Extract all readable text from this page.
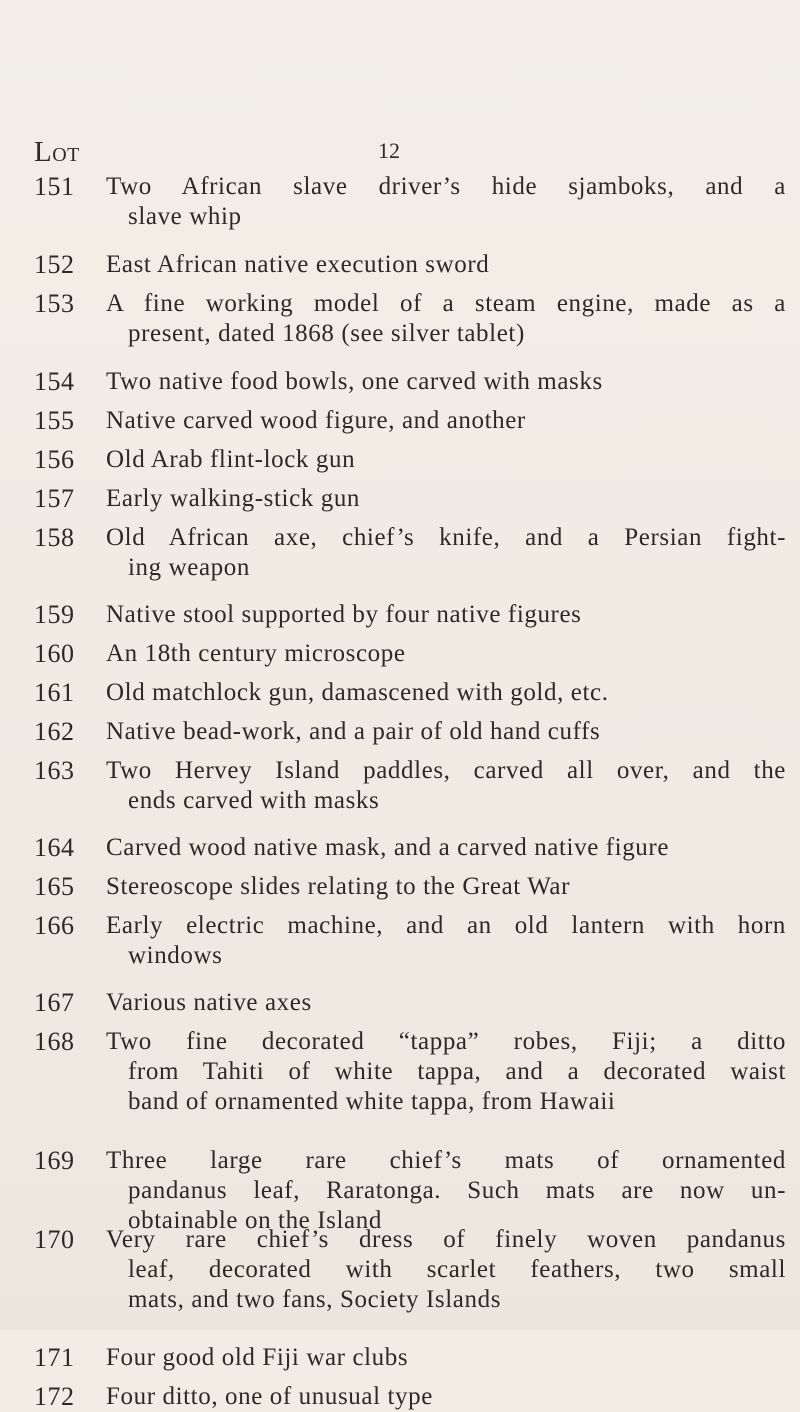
Lot	12
151	Two African slave driver’s hide sjamboks, and a
slave whip
152	East African native execution sword
153	A fine working model of a steam engine, made as a
present, dated 1868 (see silver tablet)
154	Two native food bowls, one carved with masks
155	Native carved wood figure, and another
156	Old Arab flint-lock gun
157	Early walking-stick gun
158	Old African axe, chief’s knife, and a Persian fight-
ing weapon
159	Native stool supported by four native figures
160	An 18th century microscope
161	Old matchlock gun, damascened with gold, etc.
162	Native bead-work, and a pair of old hand cuffs
163	Two Hervey Island paddles, carved all over, and the
ends carved with masks
164	Carved wood native mask, and a carved native figure
165	Stereoscope slides relating to the Great War
166	Early electric machine, and an old lantern with horn
windows
167	Various native axes
168	Two fine decorated “tappa” robes, Fiji; a ditto
from Tahiti of white tappa, and a decorated waist
band of ornamented white tappa, from Hawaii
169	Three large rare chief’s mats of ornamented
pandanus leaf, Raratonga. Such mats are now un-
obtainable on the Island
170	Very rare chief’s dress of finely woven pandanus
leaf, decorated with scarlet feathers, two small
mats, and two fans, Society Islands
171	Four good old Fiji war clubs
172	Four ditto, one of unusual type
